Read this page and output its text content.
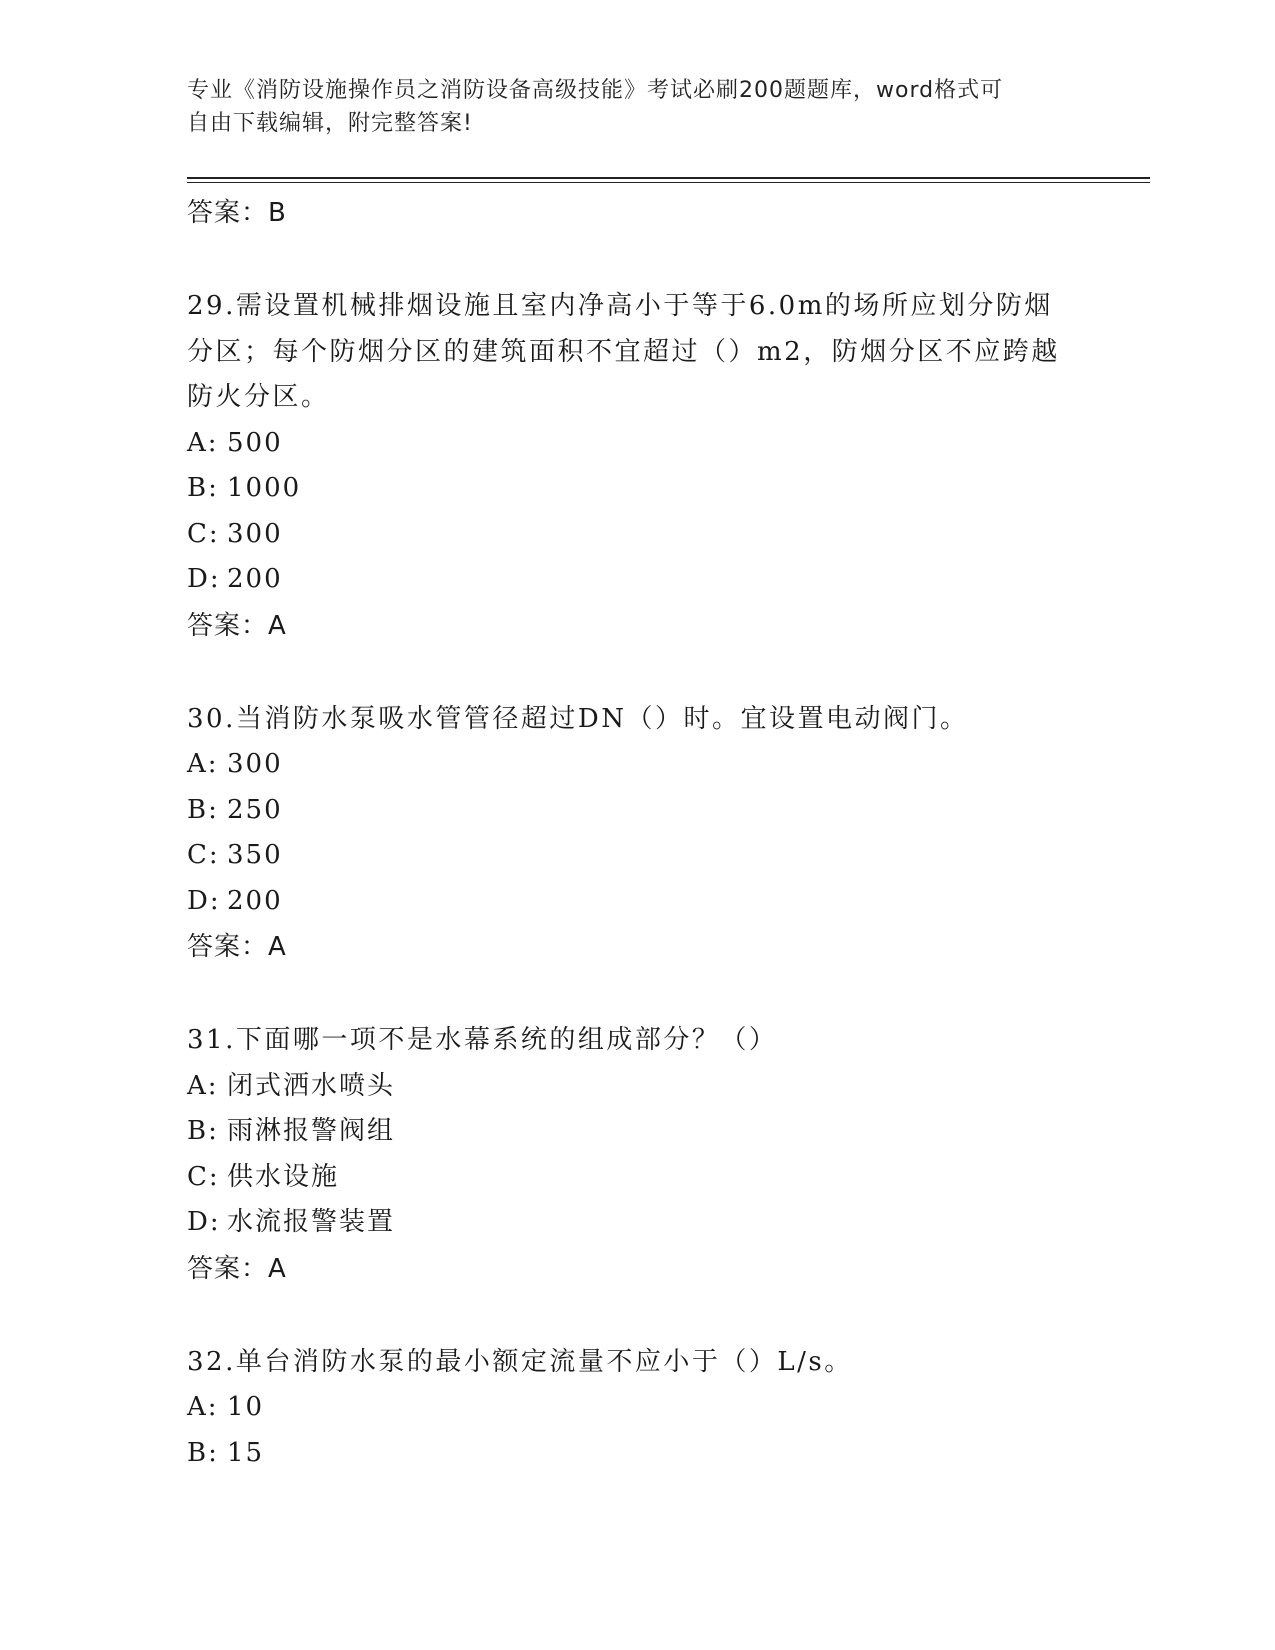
专业《消防设施操作员之消防设备高级技能》考试必刷200题题库，word格式可
自由下载编辑，附完整答案!
答案：B
29.需设置机械排烟设施且室内净高小于等于6.0m的场所应划分防烟
分区；每个防烟分区的建筑面积不宜超过（）m2，防烟分区不应跨越
防火分区。
A: 500
B: 1000
C: 300
D: 200
答案：A
30.当消防水泵吸水管管径超过DN（）时。宜设置电动阀门。
A: 300
B: 250
C: 350
D: 200
答案：A
31.下面哪一项不是水幕系统的组成部分？（）
A: 闭式洒水喷头
B: 雨淋报警阀组
C: 供水设施
D: 水流报警装置
答案：A
32.单台消防水泵的最小额定流量不应小于（）L/s。
A: 10
B: 15
